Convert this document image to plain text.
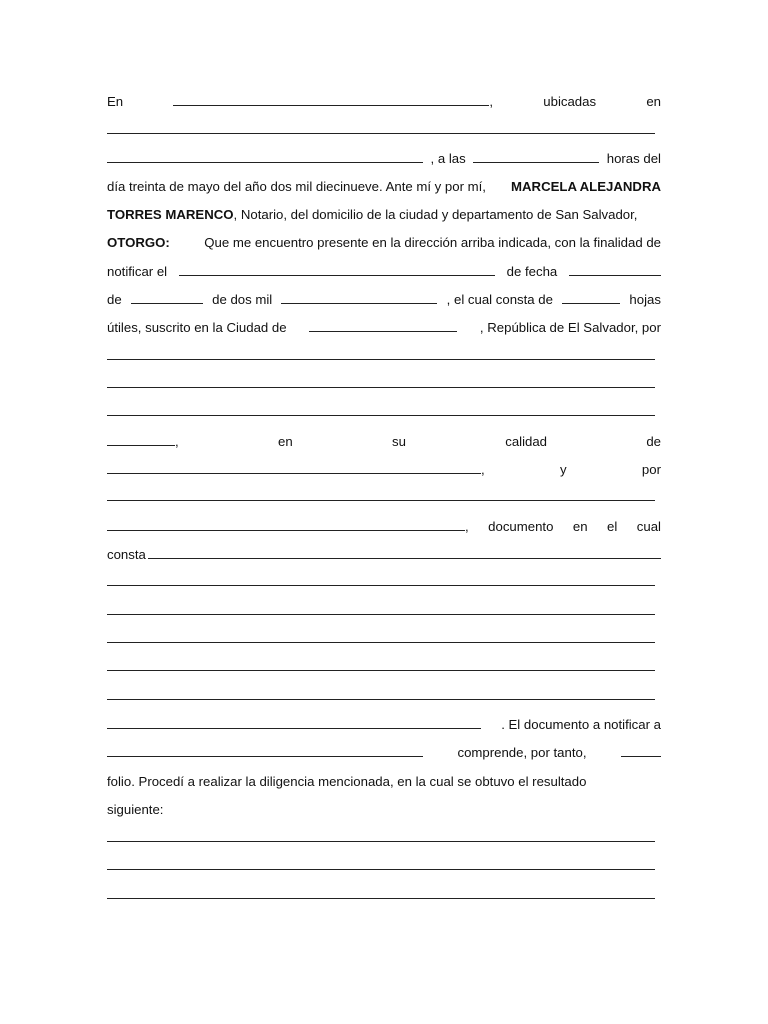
En	,	ubicadas	en
, a las	horas del
día treinta de mayo del año dos mil diecinueve. Ante mí y por mí, MARCELA ALEJANDRA
TORRES MARENCO , Notario, del domicilio de la ciudad y departamento de San Salvador,
OTORGO:	Que me encuentro presente en la dirección arriba indicada, con la finalidad de
notificar el	de fecha
de	de dos mil	, el cual consta de	hojas
útiles, suscrito en la Ciudad de	, República de El Salvador, por
,	en	su	calidad	de
,	y	por
, documento en el cual
consta
. El documento a notificar a
comprende, por tanto,
folio. Procedí a realizar la diligencia mencionada, en la cual se obtuvo el resultado
siguiente:
